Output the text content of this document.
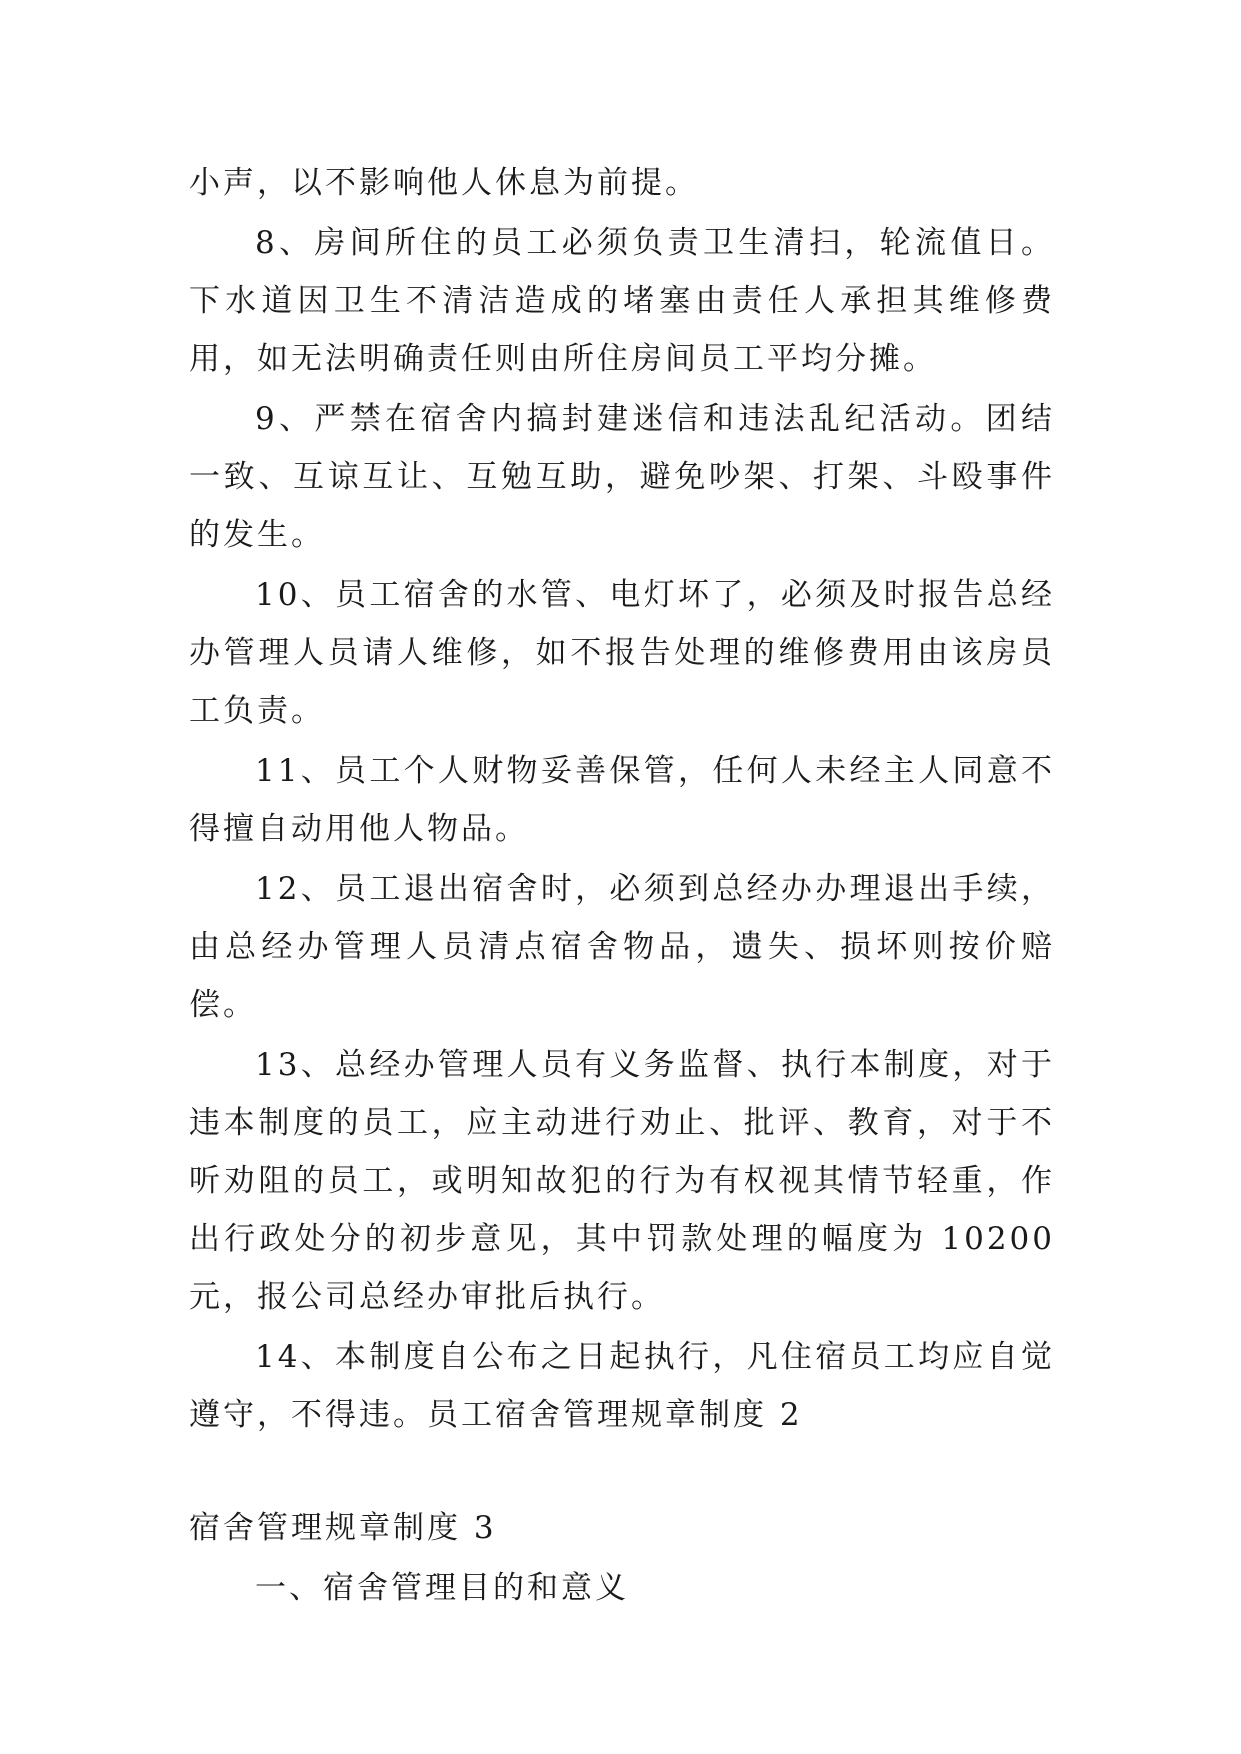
小声，以不影响他人休息为前提。

8、房间所住的员工必须负责卫生清扫，轮流值日。下水道因卫生不清洁造成的堵塞由责任人承担其维修费用，如无法明确责任则由所住房间员工平均分摊。

9、严禁在宿舍内搞封建迷信和违法乱纪活动。团结一致、互谅互让、互勉互助，避免吵架、打架、斗殴事件的发生。

10、员工宿舍的水管、电灯坏了，必须及时报告总经办管理人员请人维修，如不报告处理的维修费用由该房员工负责。

11、员工个人财物妥善保管，任何人未经主人同意不得擅自动用他人物品。

12、员工退出宿舍时，必须到总经办办理退出手续，由总经办管理人员清点宿舍物品，遗失、损坏则按价赔偿。

13、总经办管理人员有义务监督、执行本制度，对于违本制度的员工，应主动进行劝止、批评、教育，对于不听劝阻的员工，或明知故犯的行为有权视其情节轻重，作出行政处分的初步意见，其中罚款处理的幅度为 10200 元，报公司总经办审批后执行。

14、本制度自公布之日起执行，凡住宿员工均应自觉遵守，不得违。员工宿舍管理规章制度 2

宿舍管理规章制度 3

一、宿舍管理目的和意义
